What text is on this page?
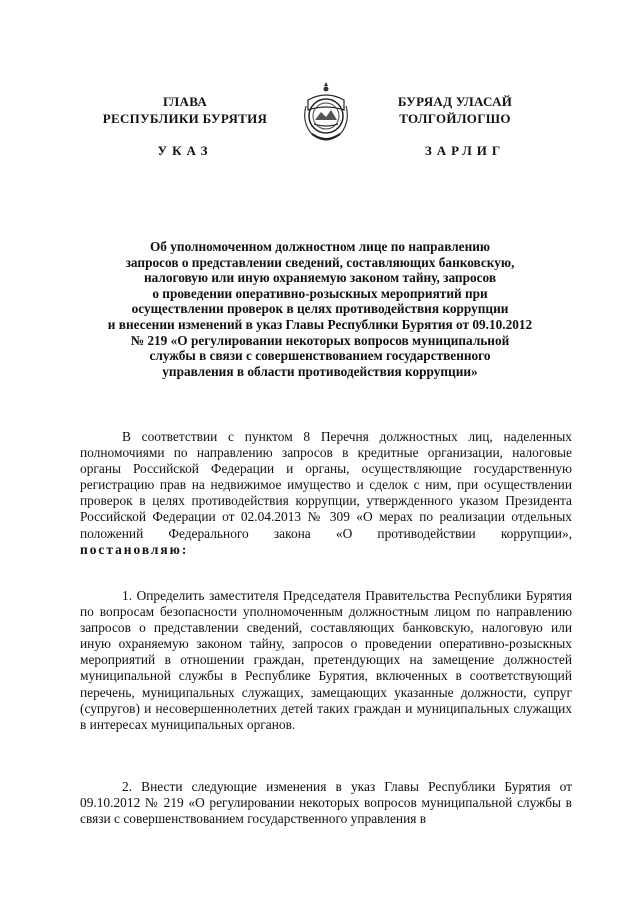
ГЛАВА
РЕСПУБЛИКИ БУРЯТИЯ
БУРЯАД УЛАСАЙ
ТОЛГОЙЛОГШО
УКАЗ	ЗАРЛИГ
Об уполномоченном должностном лице по направлению
запросов о представлении сведений, составляющих банковскую,
налоговую или иную охраняемую законом тайну, запросов
о проведении оперативно-розыскных мероприятий при
осуществлении проверок в целях противодействия коррупции
и внесении изменений в указ Главы Республики Бурятия от 09.10.2012
№ 219 «О регулировании некоторых вопросов муниципальной
службы в связи с совершенствованием государственного
управления в области противодействия коррупции»

В соответствии с пунктом 8 Перечня должностных лиц, наделенных полномочиями по направлению запросов в кредитные организации, налоговые органы Российской Федерации и органы, осуществляющие государственную регистрацию прав на недвижимое имущество и сделок с ним, при осуществлении проверок в целях противодействия коррупции, утвержденного указом Президента Российской Федерации от 02.04.2013 № 309 «О мерах по реализации отдельных положений Федерального закона «О противодействии коррупции», постановляю:

1. Определить заместителя Председателя Правительства Республики Бурятия по вопросам безопасности уполномоченным должностным лицом по направлению запросов о представлении сведений, составляющих банковскую, налоговую или иную охраняемую законом тайну, запросов о проведении оперативно-розыскных мероприятий в отношении граждан, претендующих на замещение должностей муниципальной службы в Республике Бурятия, включенных в соответствующий перечень, муниципальных служащих, замещающих указанные должности, супруг (супругов) и несовершеннолетних детей таких граждан и муниципальных служащих в интересах муниципальных органов.

2. Внести следующие изменения в указ Главы Республики Бурятия от 09.10.2012 № 219 «О регулировании некоторых вопросов муниципальной службы в связи с совершенствованием государственного управления в
